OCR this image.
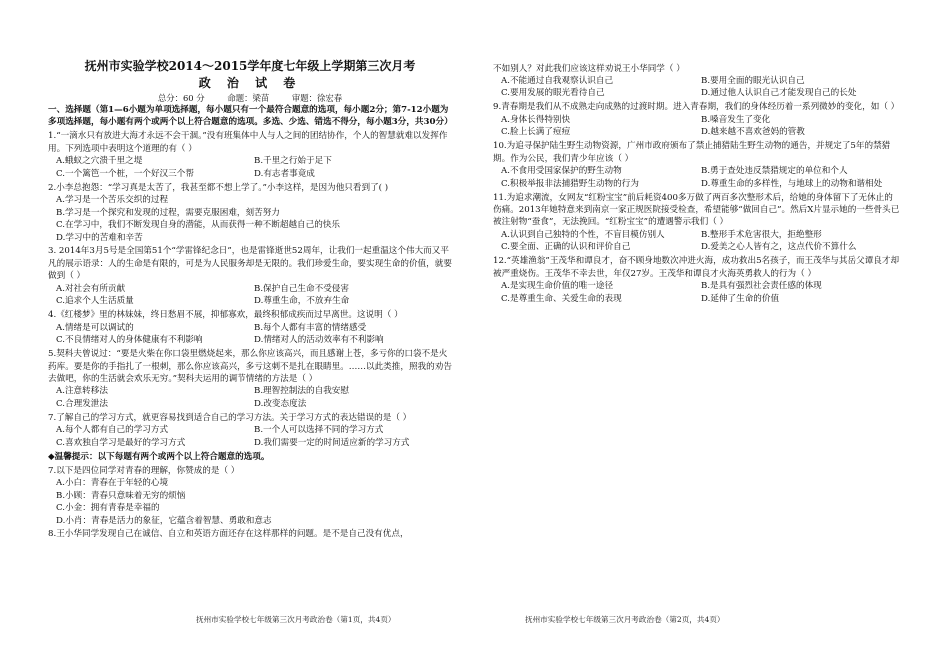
抚州市实验学校2014～2015学年度七年级上学期第三次月考
政 治 试 卷
总分：60 分	命题：梁苗	审题：徐宏春

一、选择题（第1—6小题为单项选择题，每小题只有一个最符合题意的选项，每小题2分；第7-12小题为多项选择题，每小题有两个或两个以上符合题意的选项。多选、少选、错选不得分，每小题3分，共30分）

1.“一滴水只有放进大海才永远不会干涸。”没有班集体中人与人之间的团结协作，个人的智慧就难以发挥作用。下列选项中表明这个道理的有（ ）

A.蛾蚁之穴溃千里之堤	B.千里之行始于足下
C.一个篱笆一个桩，一个好汉三个帮	D.有志者事竟成

2.小李总抱怨：“学习真是太苦了，我甚至都不想上学了。”小李这样，是因为他只看到了( )

A.学习是一个苦乐交织的过程
B.学习是一个探究和发现的过程，需要克服困难，刻苦努力
C.在学习中，我们不断发现自身的潜能，从而获得一种不断超越自己的快乐
D.学习中的苦难和辛苦

3. 2014年3月5号是全国第51个“学雷锋纪念日”，也是雷锋逝世52周年，让我们一起重温这个伟大而又平凡的展示语录：人的生命是有限的，可是为人民服务却是无限的。我们珍爱生命，要实现生命的价值，就要做到（ ）

A.对社会有所贡献	B.保护自己生命不受侵害
C.追求个人生活质量	D.尊重生命，不放弃生命

4.《红楼梦》里的林妹妹，终日愁眉不展，抑郁寡欢，最终积郁成疾而过早离世。这说明（ ）

A.情绪是可以调试的	B.每个人都有丰富的情绪感受
C.不良情绪对人的身体健康有不利影响	D.情绪对人的活动效率有不利影响

5.契科夫曾说过：“要是火柴在你口袋里燃烧起来，那么你应该高兴，而且感谢上苍，多亏你的口袋不是火药库。要是你的手指扎了一根刺，那么你应该高兴，多亏这刺不是扎在眼睛里。……以此类推，照我的劝告去做吧，你的生活就会欢乐无穷。”契科夫运用的调节情绪的方法是（ ）

A.注意转移法	B.理智控制法的自我安慰
C.合理发泄法	D.改变态度法

7.了解自己的学习方式，就更容易找到适合自己的学习方法。关于学习方式的表达错误的是（ ）

A.每个人都有自己的学习方式	B.一个人可以选择不同的学习方式
C.喜欢独自学习是最好的学习方式	D.我们需要一定的时间适应新的学习方式

◆温馨提示：以下每题有两个或两个以上符合题意的选项。

7.以下是四位同学对青春的理解，你赞成的是（ ）

A.小白：青春在于年轻的心境
B.小顾：青春只意味着无穷的烦恼
C.小金：拥有青春是幸福的
D.小肖：青春是活力的象征，它蕴含着智慧、勇敢和意志

8.王小华同学发现自己在诚信、自立和英语方面还存在这样那样的问题。是不是自己没有优点，

不如别人？对此我们应该这样劝说王小华同学（ ）

A.不能通过自我观察认识自己	B.要用全面的眼光认识自己
C.要用发展的眼光看待自己	D.通过他人认识自己才能发现自己的长处

9.青春期是我们从不成熟走向成熟的过渡时期。进入青春期，我们的身体经历着一系列微妙的变化，如（ ）

A.身体长得特别快	B.嗓音发生了变化
C.脸上长满了痘痘	D.越来越不喜欢爸妈的管教

10.为追寻保护陆生野生动物资源，广州市政府颁布了禁止捕猎陆生野生动物的通告，并规定了5年的禁猎期。作为公民，我们青少年应该（ ）

A.不食用受国家保护的野生动物	B.勇于查处违反禁猎规定的单位和个人
C.积极举报非法捕猎野生动物的行为	D.尊重生命的多样性，与地球上的动物和谐相处

11.为追求潮流，女网友“红粉宝宝”前后耗资400多万做了两百多次整形术后，给她的身体留下了无休止的伤痛。2013年她特意来到南京一家正规医院接受检查，希望能够“做回自己”。然后X片显示她的一些骨头已被注射物“蚕食”，无法挽回。“红粉宝宝”的遭遇警示我们（ ）

A.认识到自己独特的个性，不盲目模仿别人	B.整形手术危害很大，拒绝整形
C.要全面、正确的认识和评价自己	D.爱美之心人皆有之，这点代价不算什么

12.“英雄渔翁”王茂华和谭良才，奋不顾身地数次冲进火海，成功救出5名孩子，而王茂华与其岳父谭良才却被严重烧伤。王茂华不幸去世，年仅27岁。王茂华和谭良才火海英勇救人的行为（ ）

A.是实现生命价值的唯一途径	B.是具有强烈社会责任感的体现
C.是尊重生命、关爱生命的表现	D.延伸了生命的价值
抚州市实验学校七年级第三次月考政治卷（第1页，共4页）	抚州市实验学校七年级第三次月考政治卷（第2页，共4页）
